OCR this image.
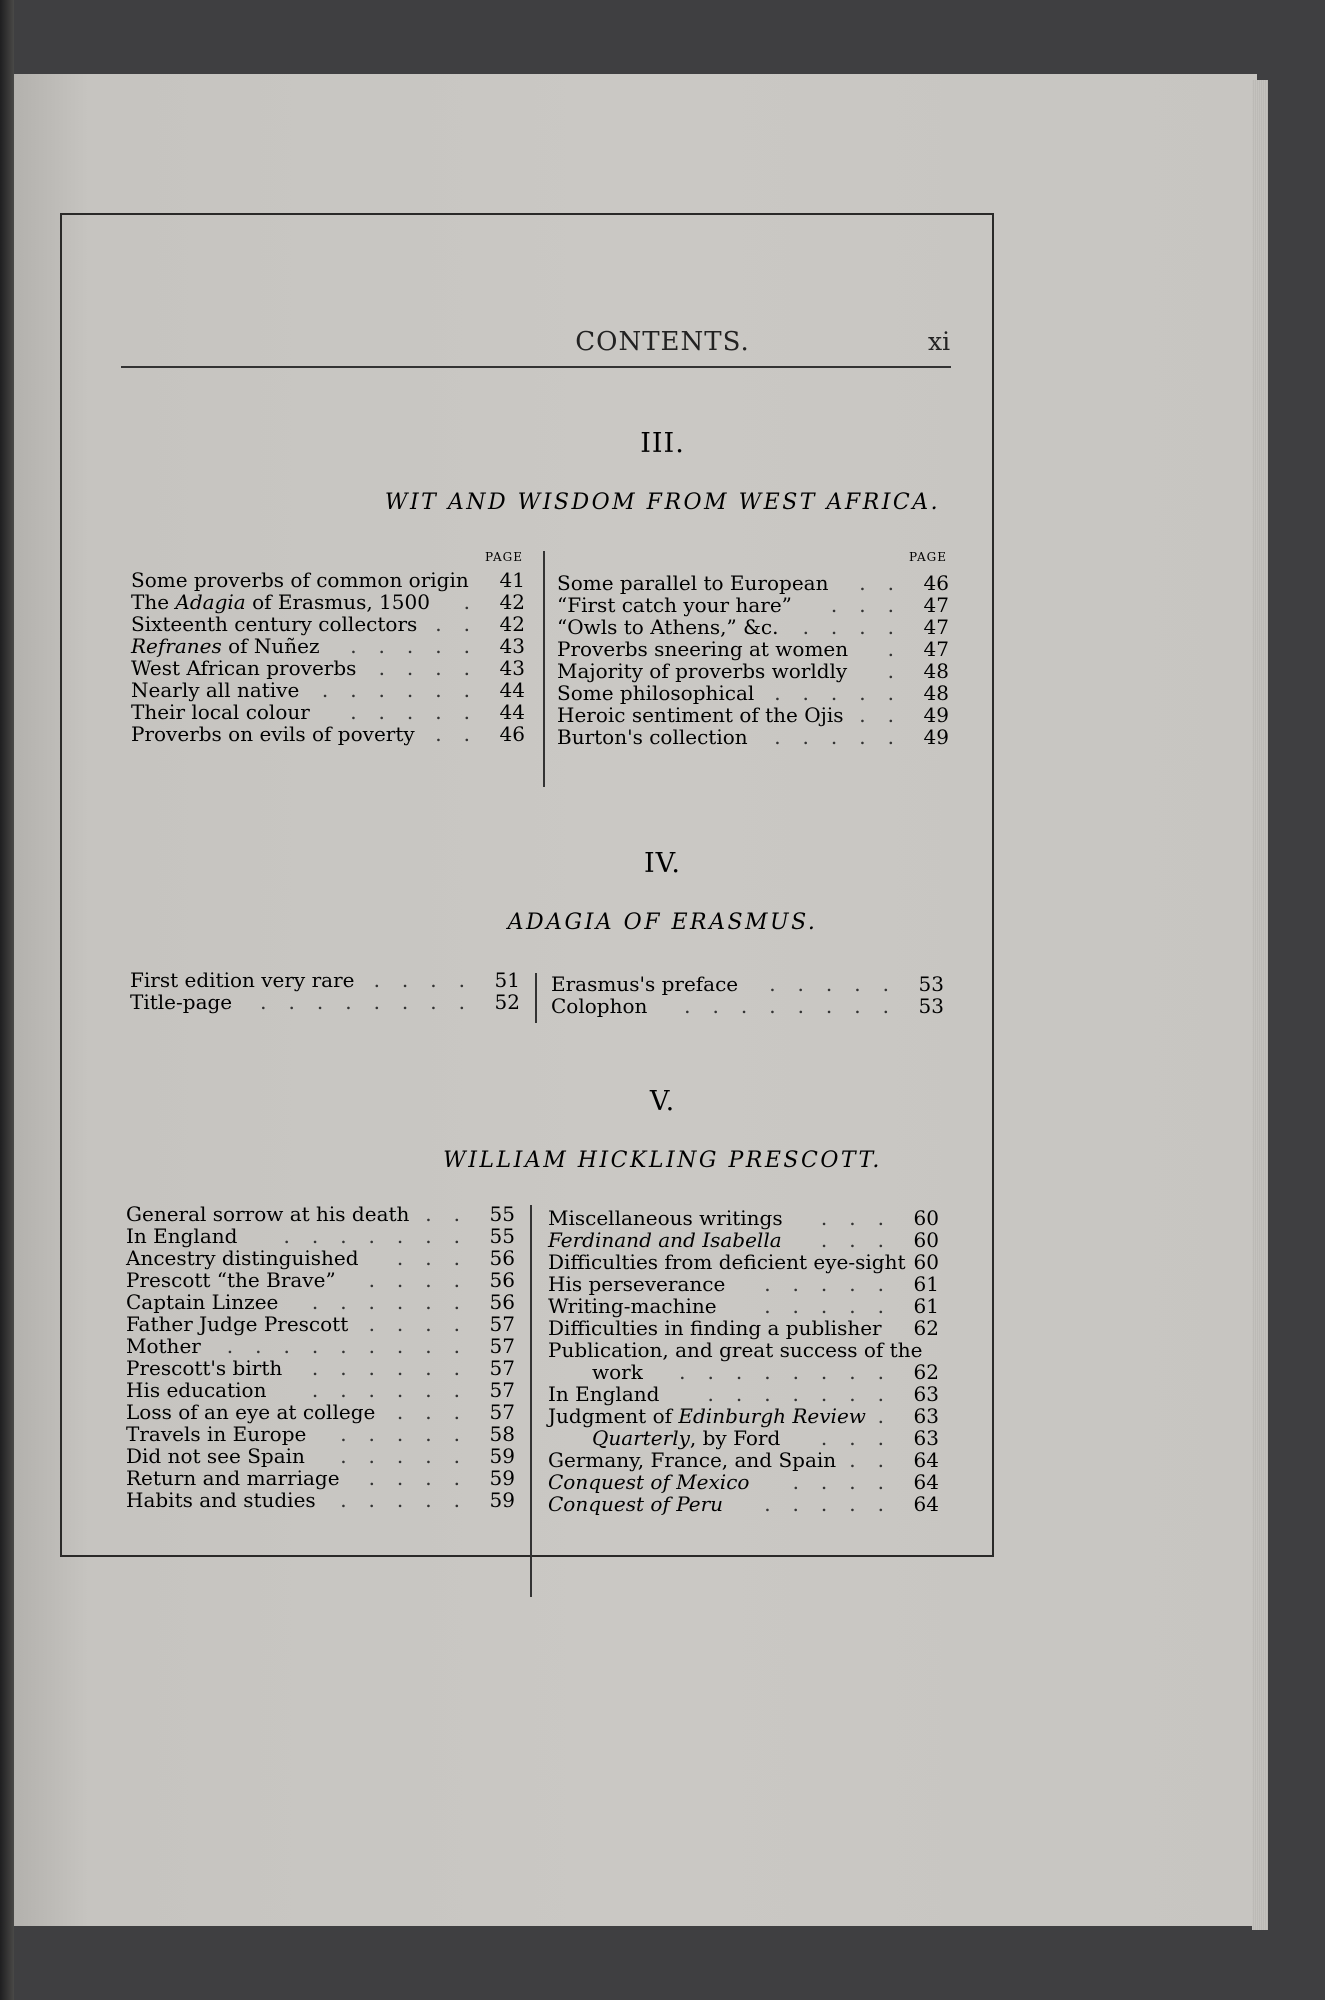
CONTENTS.	xi
III.
WIT AND WISDOM FROM WEST AFRICA.
PAGE	PAGE
Some proverbs of common origin 41
The Adagia of Erasmus, 1500	. 42
Sixteenth century collectors .. 42
Refranes of Nuñez	..... 43
West African proverbs	.... 43
Nearly all native	...... 44
Their local colour	..... 44
Proverbs on evils of poverty	.. 46
Some parallel to European	.. 46
“First catch your hare”	... 47
“Owls to Athens,” &c.	.... 47
Proverbs sneering at women	. 47
Majority of proverbs worldly	. 48
Some philosophical ..... 48
Heroic sentiment of the Ojis .. 49
Burton's collection	..... 49
IV.
ADAGIA OF ERASMUS.
First edition very rare .... 51
Title-page	........ 52
Erasmus's preface	..... 53
Colophon	........ 53
V.
WILLIAM HICKLING PRESCOTT.
General sorrow at his death .. 55
In England	....... 55
Ancestry distinguished	... 56
Prescott “the Brave”	.... 56
Captain Linzee	...... 56
Father Judge Prescott	.... 57
Mother	......... 57
Prescott's birth	...... 57
His education	...... 57
Loss of an eye at college	... 57
Travels in Europe	..... 58
Did not see Spain	..... 59
Return and marriage	.... 59
Habits and studies	..... 59
Miscellaneous writings	... 60
Ferdinand and Isabella	... 60
Difficulties from deficient eye-sight 60
His perseverance	..... 61
Writing-machine	..... 61
Difficulties in finding a publisher 62
Publication, and great success of the
work	........ 62
In England	....... 63
Judgment of Edinburgh Review . 63
Quarterly, by Ford	... 63
Germany, France, and Spain .. 64
Conquest of Mexico	.... 64
Conquest of Peru	..... 64
